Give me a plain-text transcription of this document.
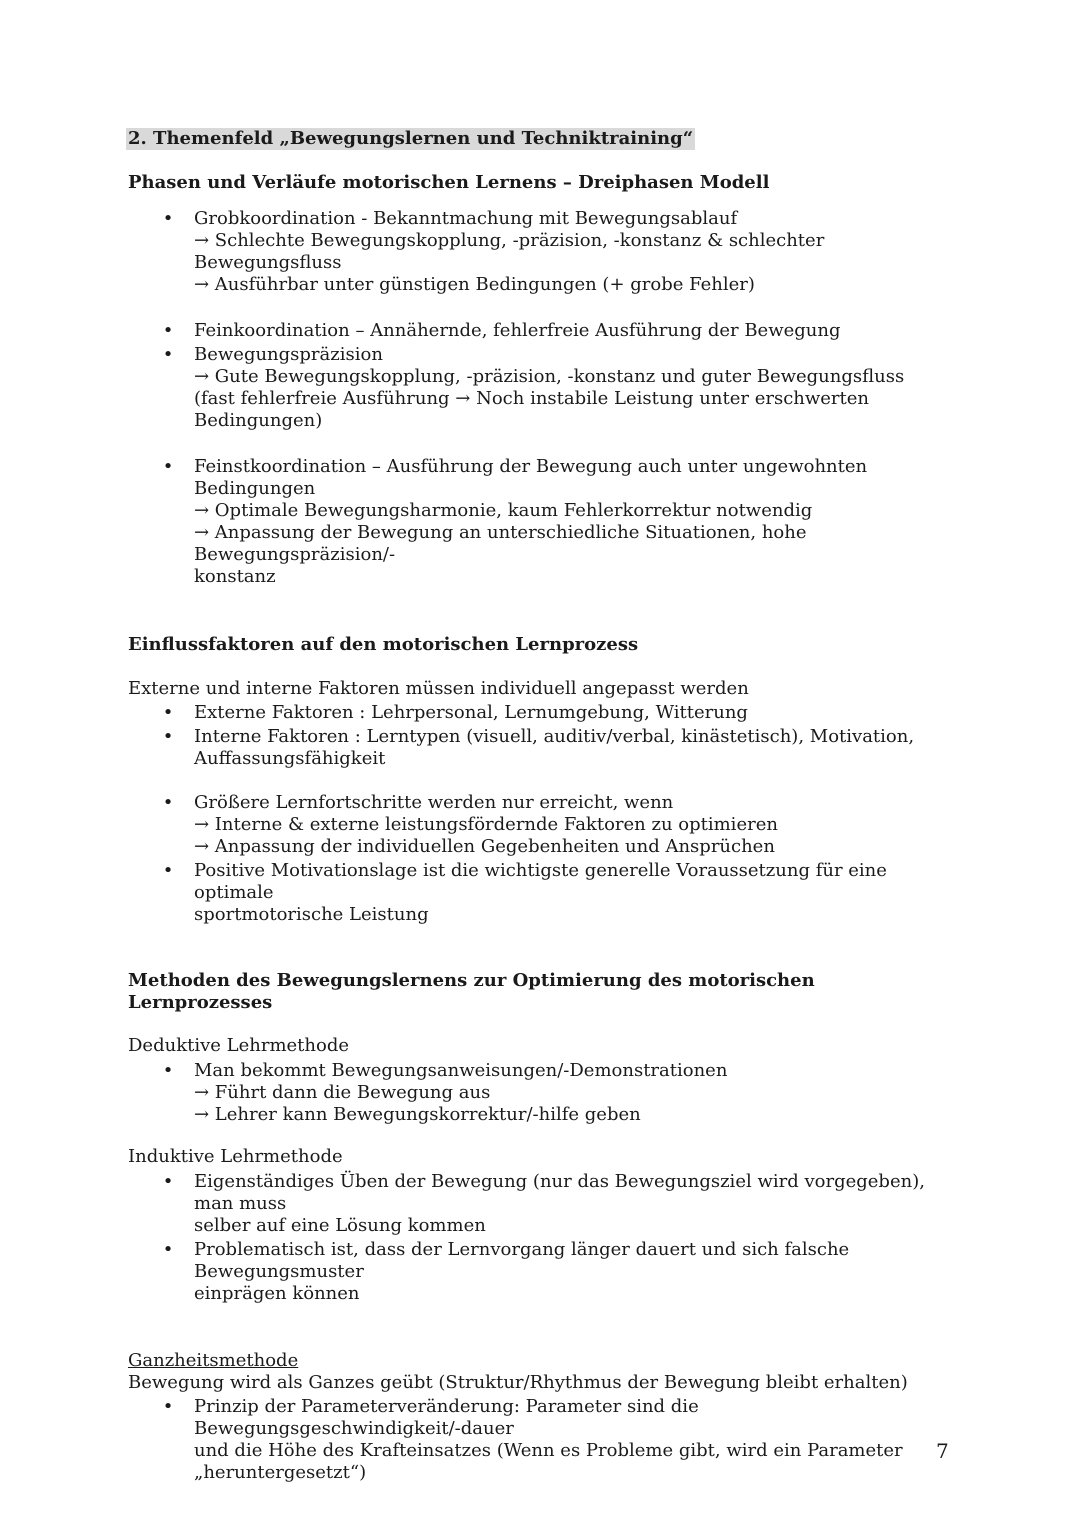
2. Themenfeld „Bewegungslernen und Techniktraining“
Phasen und Verläufe motorischen Lernens – Dreiphasen Modell
• Grobkoordination - Bekanntmachung mit Bewegungsablauf
→ Schlechte Bewegungskopplung, -präzision, -konstanz & schlechter Bewegungsfluss
→ Ausführbar unter günstigen Bedingungen (+ grobe Fehler)
• Feinkoordination – Annähernde, fehlerfreie Ausführung der Bewegung
• Bewegungspräzision
→ Gute Bewegungskopplung, -präzision, -konstanz und guter Bewegungsfluss
(fast fehlerfreie Ausführung → Noch instabile Leistung unter erschwerten Bedingungen)
• Feinstkoordination – Ausführung der Bewegung auch unter ungewohnten Bedingungen
→ Optimale Bewegungsharmonie, kaum Fehlerkorrektur notwendig
→ Anpassung der Bewegung an unterschiedliche Situationen, hohe Bewegungspräzision/-
konstanz
Einflussfaktoren auf den motorischen Lernprozess
Externe und interne Faktoren müssen individuell angepasst werden
• Externe Faktoren : Lehrpersonal, Lernumgebung, Witterung
• Interne Faktoren : Lerntypen (visuell, auditiv/verbal, kinästetisch), Motivation,
Auffassungsfähigkeit
• Größere Lernfortschritte werden nur erreicht, wenn
→ Interne & externe leistungsfördernde Faktoren zu optimieren
→ Anpassung der individuellen Gegebenheiten und Ansprüchen
• Positive Motivationslage ist die wichtigste generelle Voraussetzung für eine optimale
sportmotorische Leistung
Methoden des Bewegungslernens zur Optimierung des motorischen Lernprozesses
Deduktive Lehrmethode
• Man bekommt Bewegungsanweisungen/-Demonstrationen
→ Führt dann die Bewegung aus
→ Lehrer kann Bewegungskorrektur/-hilfe geben
Induktive Lehrmethode
• Eigenständiges Üben der Bewegung (nur das Bewegungsziel wird vorgegeben), man muss
selber auf eine Lösung kommen
• Problematisch ist, dass der Lernvorgang länger dauert und sich falsche Bewegungsmuster
einprägen können
Ganzheitsmethode
Bewegung wird als Ganzes geübt (Struktur/Rhythmus der Bewegung bleibt erhalten)
• Prinzip der Parameterveränderung: Parameter sind die Bewegungsgeschwindigkeit/-dauer
und die Höhe des Krafteinsatzes (Wenn es Probleme gibt, wird ein Parameter
„heruntergesetzt“)
7
